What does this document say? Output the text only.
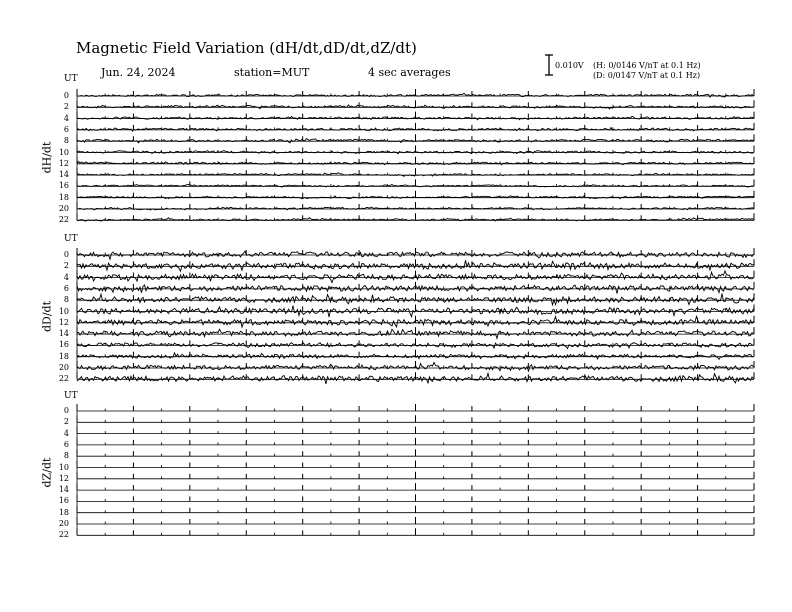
Magnetic Field Variation (dH/dt,dD/dt,dZ/dt)
Jun. 24, 2024	station=MUT	4 sec averages
0.010V (H: 0/0146 V/nT at 0.1 Hz)
(D: 0/0147 V/nT at 0.1 Hz)
UT
dH/dt
0
2
4
6
8
10
12
14
16
18
20
22
UT
dD/dt
0
2
4
6
8
10
12
14
16
18
20
22
UT
dZ/dt
0
2
4
6
8
10
12
14
16
18
20
22
